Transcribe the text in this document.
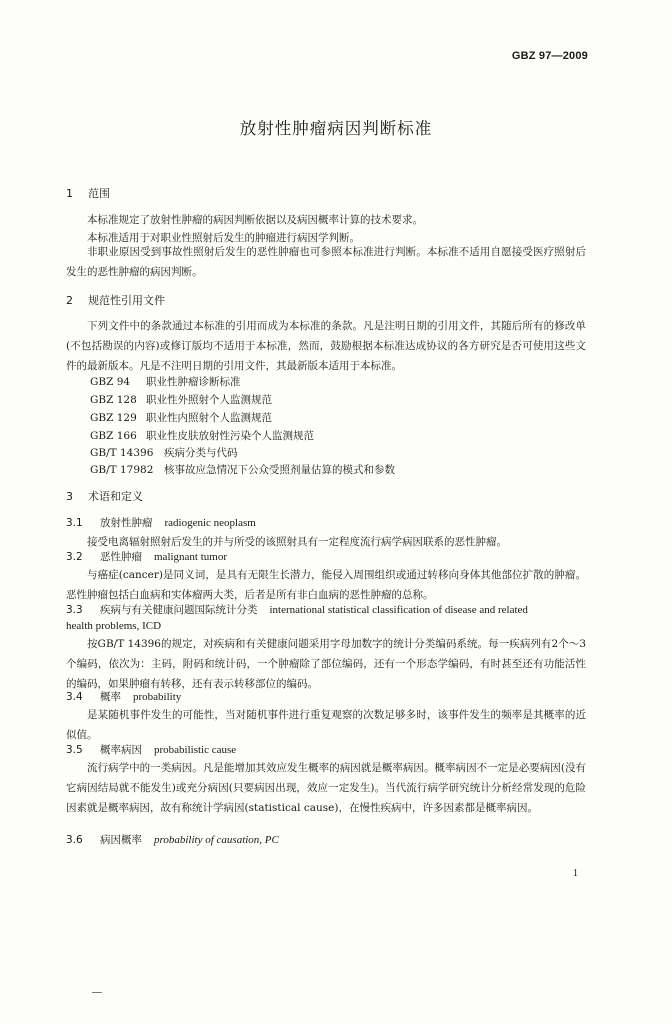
GBZ 97—2009
放射性肿瘤病因判断标准
1 范围
本标准规定了放射性肿瘤的病因判断依据以及病因概率计算的技术要求。
本标准适用于对职业性照射后发生的肿瘤进行病因学判断。
非职业原因受到事故性照射后发生的恶性肿瘤也可参照本标准进行判断。本标准不适用自愿接受医疗照射后发生的恶性肿瘤的病因判断。
2 规范性引用文件
下列文件中的条款通过本标准的引用而成为本标准的条款。凡是注明日期的引用文件，其随后所有的修改单(不包括勘误的内容)或修订版均不适用于本标准，然而，鼓励根据本标准达成协议的各方研究是否可使用这些文件的最新版本。凡是不注明日期的引用文件，其最新版本适用于本标准。
GBZ 94 职业性肿瘤诊断标准
GBZ 128 职业性外照射个人监测规范
GBZ 129 职业性内照射个人监测规范
GBZ 166 职业性皮肤放射性污染个人监测规范
GB/T 14396 疾病分类与代码
GB/T 17982 核事故应急情况下公众受照剂量估算的模式和参数
3 术语和定义
3.1 放射性肿瘤 radiogenic neoplasm
接受电离辐射照射后发生的并与所受的该照射具有一定程度流行病学病因联系的恶性肿瘤。
3.2 恶性肿瘤 malignant tumor
与癌症(cancer)是同义词，是具有无限生长潜力，能侵入周围组织或通过转移向身体其他部位扩散的肿瘤。恶性肿瘤包括白血病和实体瘤两大类，后者是所有非白血病的恶性肿瘤的总称。
3.3 疾病与有关健康问题国际统计分类 international statistical classification of disease and related
health problems, ICD
按GB/T 14396的规定，对疾病和有关健康问题采用字母加数字的统计分类编码系统。每一疾病列有2个～3个编码，依次为：主码，附码和统计码，一个肿瘤除了部位编码，还有一个形态学编码，有时甚至还有功能活性的编码，如果肿瘤有转移，还有表示转移部位的编码。
3.4 概率 probability
是某随机事件发生的可能性，当对随机事件进行重复观察的次数足够多时，该事件发生的频率是其概率的近似值。
3.5 概率病因 probabilistic cause
流行病学中的一类病因。凡是能增加其效应发生概率的病因就是概率病因。概率病因不一定是必要病因(没有它病因结局就不能发生)或充分病因(只要病因出现，效应一定发生)。当代流行病学研究统计分析经常发现的危险因素就是概率病因，故有称统计学病因(statistical cause)，在慢性疾病中，许多因素都是概率病因。
3.6 病因概率 probability of causation, PC
1
